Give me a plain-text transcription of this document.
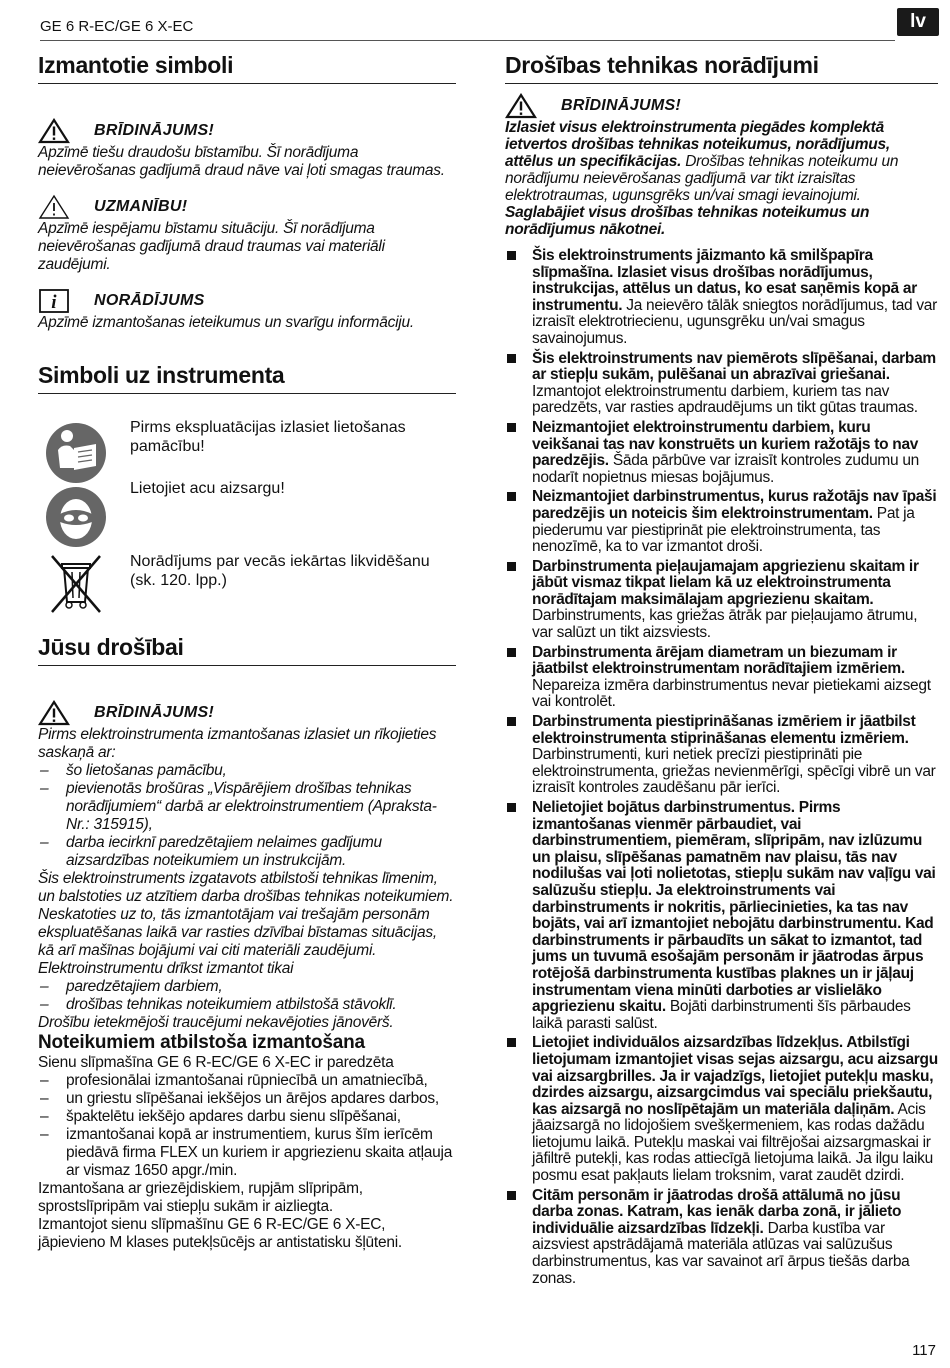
GE 6 R-EC/GE 6 X-EC	lv
Izmantotie simboli
BRĪDINĀJUMS!

Apzīmē tiešu draudošu bīstamību. Šī norādījuma neievērošanas gadījumā draud nāve vai ļoti smagas traumas.

UZMANĪBU!

Apzīmē iespējamu bīstamu situāciju. Šī norādījuma neievērošanas gadījumā draud traumas vai materiāli zaudējumi.

i NORĀDĪJUMS

Apzīmē izmantošanas ieteikumus un svarīgu informāciju.

Simboli uz instrumenta

Pirms ekspluatācijas izlasiet lietošanas pamācību!

Lietojiet acu aizsargu!

Norādījums par vecās iekārtas likvidēšanu (sk. 120. lpp.)

Jūsu drošībai
BRĪDINĀJUMS!

Pirms elektroinstrumenta izmantošanas izlasiet un rīkojieties saskaņā ar:

– šo lietošanas pamācību,
– pievienotās brošūras „Vispārējiem drošības tehnikas norādījumiem“ darbā ar elektroinstrumentiem (Apraksta-Nr.: 315915),
– darba iecirknī paredzētajiem nelaimes gadījumu aizsardzības noteikumiem un instrukcijām.

Šis elektroinstruments izgatavots atbilstoši tehnikas līmenim, un balstoties uz atzītiem darba drošības tehnikas noteikumiem. Neskatoties uz to, tās izmantotājam vai trešajām personām ekspluatēšanas laikā var rasties dzīvībai bīstamas situācijas, kā arī mašīnas bojājumi vai citi materiāli zaudējumi.

Elektroinstrumentu drīkst izmantot tikai

– paredzētajiem darbiem,
– drošības tehnikas noteikumiem atbilstošā stāvoklī.

Drošību ietekmējoši traucējumi nekavējoties jānovērš.

Noteikumiem atbilstoša izmantošana

Sienu slīpmašīna GE 6 R-EC/GE 6 X-EC ir paredzēta

– profesionālai izmantošanai rūpniecībā un amatniecībā,
– un griestu slīpēšanai iekšējos un ārējos apdares darbos,
– špaktelētu iekšējo apdares darbu sienu slīpēšanai,
– izmantošanai kopā ar instrumentiem, kurus šīm ierīcēm piedāvā firma FLEX un kuriem ir apgriezienu skaita atļauja ar vismaz 1650 apgr./min.

Izmantošana ar griezējdiskiem, rupjām slīpripām, sprostslīpripām vai stiepļu sukām ir aizliegta.

Izmantojot sienu slīpmašīnu GE 6 R-EC/GE 6 X-EC, jāpievieno M klases putekļsūcējs ar antistatisku šļūteni.

Drošības tehnikas norādījumi
BRĪDINĀJUMS!

Izlasiet visus elektroinstrumenta piegādes komplektā ietvertos drošības tehnikas noteikumus, norādījumus, attēlus un specifikācijas. Drošības tehnikas noteikumu un norādījumu neievērošanas gadījumā var tikt izraisītas elektrotraumas, ugunsgrēks un/vai smagi ievainojumi. Saglabājiet visus drošības tehnikas noteikumus un norādījumus nākotnei.

Šis elektroinstruments jāizmanto kā smilšpapīra slīpmašīna. Izlasiet visus drošības norādījumus, instrukcijas, attēlus un datus, ko esat saņēmis kopā ar instrumentu. Ja neievēro tālāk sniegtos norādījumus, tad var izraisīt elektrotriecienu, ugunsgrēku un/vai smagus savainojumus.
Šis elektroinstruments nav piemērots slīpēšanai, darbam ar stiepļu sukām, pulēšanai un abrazīvai griešanai. Izmantojot elektroinstrumentu darbiem, kuriem tas nav paredzēts, var rasties apdraudējums un tikt gūtas traumas.
Neizmantojiet elektroinstrumentu darbiem, kuru veikšanai tas nav konstruēts un kuriem ražotājs to nav paredzējis. Šāda pārbūve var izraisīt kontroles zudumu un nodarīt nopietnus miesas bojājumus.
Neizmantojiet darbinstrumentus, kurus ražotājs nav īpaši paredzējis un noteicis šim elektroinstrumentam. Pat ja piederumu var piestiprināt pie elektroinstrumenta, tas nenozīmē, ka to var izmantot droši.
Darbinstrumenta pieļaujamajam apgriezienu skaitam ir jābūt vismaz tikpat lielam kā uz elektroinstrumenta norādītajam maksimālajam apgriezienu skaitam. Darbinstruments, kas griežas ātrāk par pieļaujamo ātrumu, var salūzt un tikt aizsviests.
Darbinstrumenta ārējam diametram un biezumam ir jāatbilst elektroinstrumentam norādītajiem izmēriem. Nepareiza izmēra darbinstrumentus nevar pietiekami aizsegt vai kontrolēt.
Darbinstrumenta piestiprināšanas izmēriem ir jāatbilst elektroinstrumenta stiprināšanas elementu izmēriem. Darbinstrumenti, kuri netiek precīzi piestiprināti pie elektroinstrumenta, griežas nevienmērīgi, spēcīgi vibrē un var izraisīt kontroles zaudēšanu pār ierīci.
Nelietojiet bojātus darbinstrumentus. Pirms izmantošanas vienmēr pārbaudiet, vai darbinstrumentiem, piemēram, slīpripām, nav izlūzumu un plaisu, slīpēšanas pamatnēm nav plaisu, tās nav nodilušas vai ļoti nolietotas, stiepļu sukām nav vaļīgu vai salūzušu stiepļu. Ja elektroinstruments vai darbinstruments ir nokritis, pārliecinieties, ka tas nav bojāts, vai arī izmantojiet nebojātu darbinstrumentu. Kad darbinstruments ir pārbaudīts un sākat to izmantot, tad jums un tuvumā esošajām personām ir jāatrodas ārpus rotējošā darbinstrumenta kustības plaknes un ir jāļauj instrumentam viena minūti darboties ar vislielāko apgriezienu skaitu. Bojāti darbinstrumenti šīs pārbaudes laikā parasti salūst.
Lietojiet individuālos aizsardzības līdzekļus. Atbilstīgi lietojumam izmantojiet visas sejas aizsargu, acu aizsargu vai aizsargbrilles. Ja ir vajadzīgs, lietojiet putekļu masku, dzirdes aizsargu, aizsargcimdus vai speciālu priekšautu, kas aizsargā no noslīpētajām un materiāla daļiņām. Acis jāaizsargā no lidojošiem svešķermeniem, kas rodas dažādu lietojumu laikā. Putekļu maskai vai filtrējošai aizsargmaskai ir jāfiltrē putekļi, kas rodas attiecīgā lietojuma laikā. Ja ilgu laiku posmu esat pakļauts lielam troksnim, varat zaudēt dzirdi.
Citām personām ir jāatrodas drošā attālumā no jūsu darba zonas. Katram, kas ienāk darba zonā, ir jālieto individuālie aizsardzības līdzekļi. Darba kustība var aizsviest apstrādājamā materiāla atlūzas vai salūzušus darbinstrumentus, kas var savainot arī ārpus tiešās darba zonas.
117
